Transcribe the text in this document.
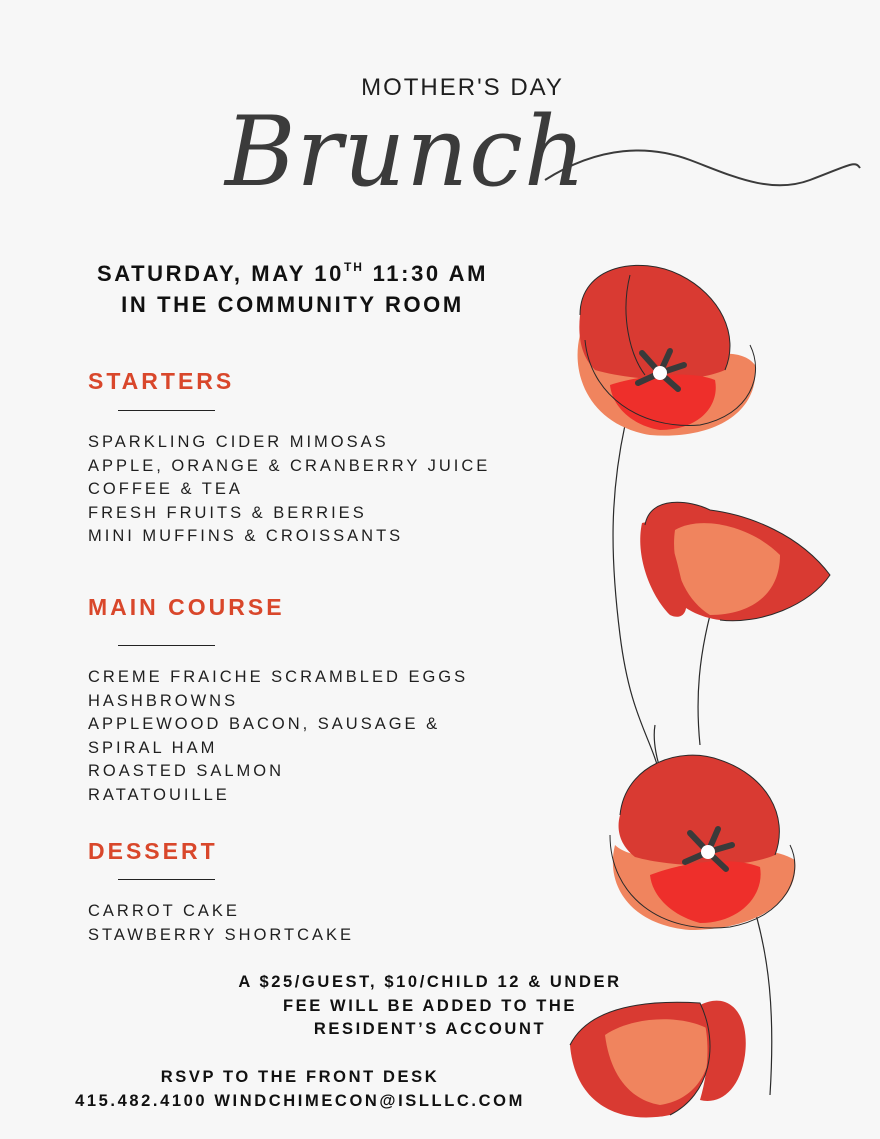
MOTHER'S DAY
Brunch
SATURDAY, MAY 10TH 11:30 AM
IN THE COMMUNITY ROOM
STARTERS
SPARKLING CIDER MIMOSAS
APPLE, ORANGE & CRANBERRY JUICE
COFFEE & TEA
FRESH FRUITS & BERRIES
MINI MUFFINS & CROISSANTS
MAIN COURSE
CREME FRAICHE SCRAMBLED EGGS
HASHBROWNS
APPLEWOOD BACON, SAUSAGE &
SPIRAL HAM
ROASTED SALMON
RATATOUILLE
DESSERT
CARROT CAKE
STAWBERRY SHORTCAKE
A $25/GUEST, $10/CHILD 12 & UNDER
FEE WILL BE ADDED TO THE
RESIDENT’S ACCOUNT
RSVP TO THE FRONT DESK
415.482.4100 WINDCHIMECON@ISLLLC.COM
